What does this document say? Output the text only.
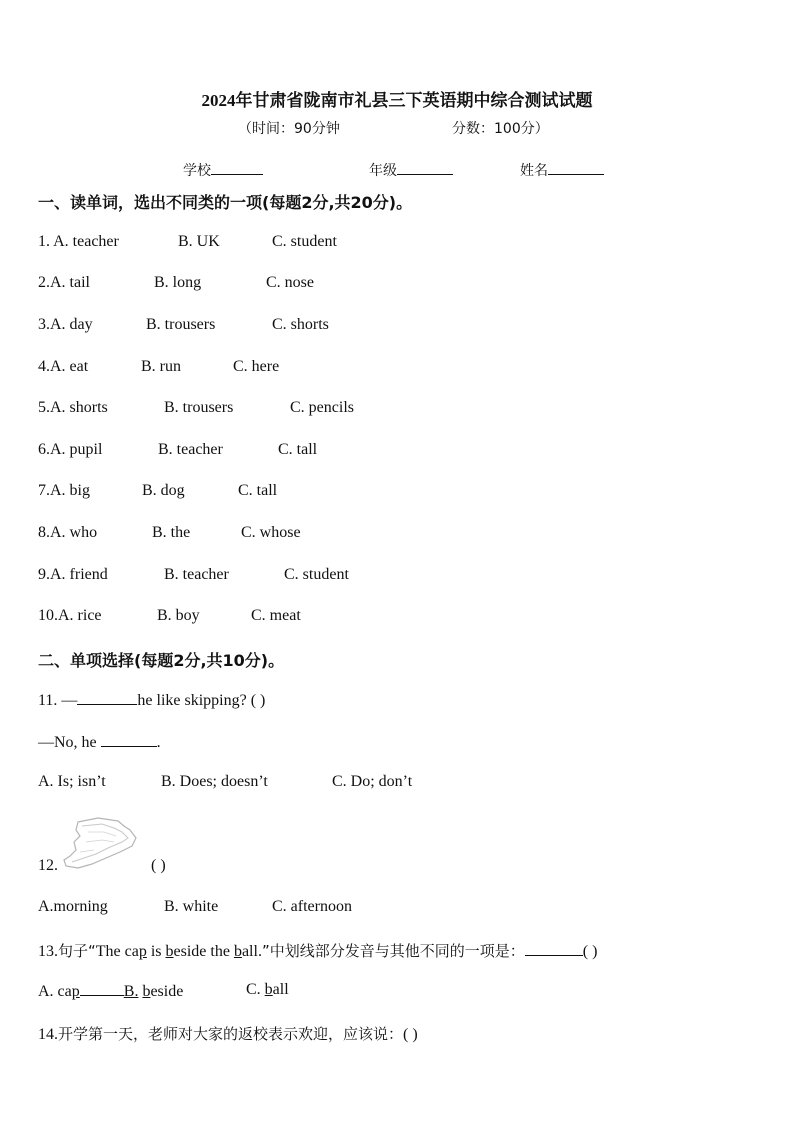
2024年甘肃省陇南市礼县三下英语期中综合测试试题
（时间：90分钟	分数：100分）
学校	年级	姓名
一、读单词，选出不同类的一项(每题2分,共20分)。
1. A. teacher	B. UK	C. student
2.A. tail	B. long	C. nose
3.A. day	B. trousers	C. shorts
4.A. eat	B. run	C. here
5.A. shorts	B. trousers	C. pencils
6.A. pupil	B. teacher	C. tall
7.A. big	B. dog	C. tall
8.A. who	B. the	C. whose
9.A. friend	B. teacher	C. student
10.A. rice	B. boy	C. meat
二、单项选择(每题2分,共10分)。
11. —	he like skipping? ( )
—No, he	.
A. Is; isn’t	B. Does; doesn’t	C. Do; don’t
12.	( )
A.morning	B. white	C. afternoon
13.句子“The cap is beside the ball.”中划线部分发音与其他不同的一项是：	( )
A. cap	B. beside	C. ball
14.开学第一天，老师对大家的返校表示欢迎，应该说：( )
